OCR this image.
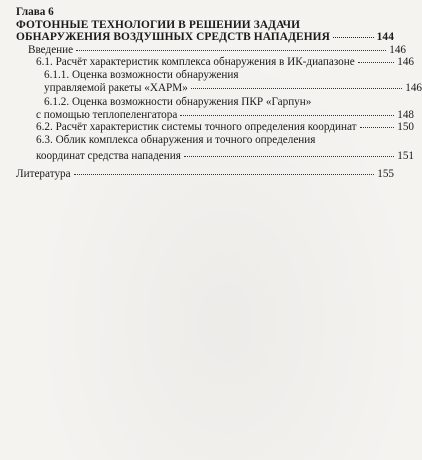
Глава 6
ФОТОННЫЕ ТЕХНОЛОГИИ В РЕШЕНИИ ЗАДАЧИ
ОБНАРУЖЕНИЯ ВОЗДУШНЫХ СРЕДСТВ НАПАДЕНИЯ	144
Введение	146
6.1. Расчёт характеристик комплекса обнаружения в ИК-диапазоне	146
6.1.1. Оценка возможности обнаружения
управляемой ракеты «ХАРМ»	146
6.1.2. Оценка возможности обнаружения ПКР «Гарпун»
с помощью теплопеленгатора	148
6.2. Расчёт характеристик системы точного определения координат	150
6.3. Облик комплекса обнаружения и точного определения
координат средства нападения	151
Литература	155
